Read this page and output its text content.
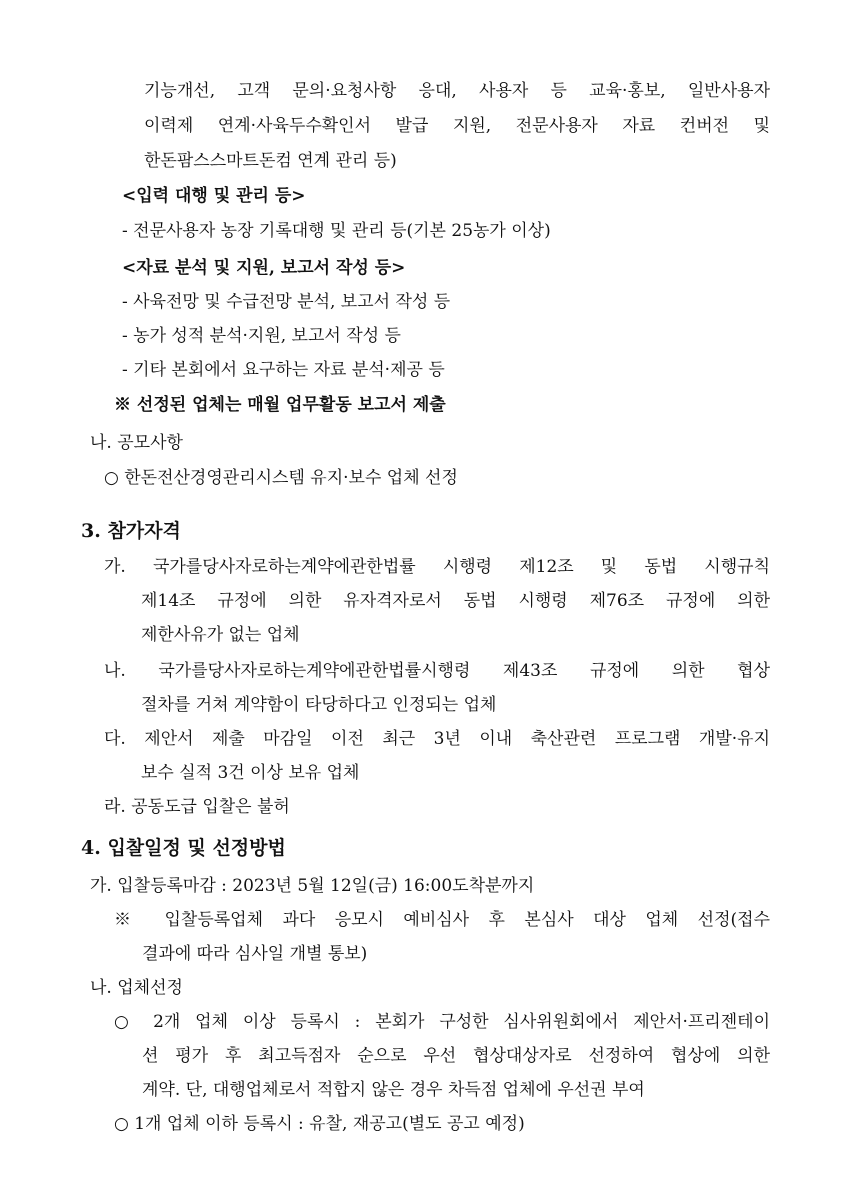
기능개선, 고객 문의·요청사항 응대, 사용자 등 교육·홍보, 일반사용자
이력제 연계·사육두수확인서 발급 지원, 전문사용자 자료 컨버전 및
한돈팜스스마트돈컴 연계 관리 등)
<입력 대행 및 관리 등>
- 전문사용자 농장 기록대행 및 관리 등(기본 25농가 이상)
<자료 분석 및 지원, 보고서 작성 등>
- 사육전망 및 수급전망 분석, 보고서 작성 등
- 농가 성적 분석·지원, 보고서 작성 등
- 기타 본회에서 요구하는 자료 분석·제공 등
※ 선정된 업체는 매월 업무활동 보고서 제출
나. 공모사항
○ 한돈전산경영관리시스템 유지·보수 업체 선정
3. 참가자격
가. 국가를당사자로하는계약에관한법률 시행령 제12조 및 동법 시행규칙
제14조 규정에 의한 유자격자로서 동법 시행령 제76조 규정에 의한
제한사유가 없는 업체
나. 국가를당사자로하는계약에관한법률시행령 제43조 규정에 의한 협상
절차를 거쳐 계약함이 타당하다고 인정되는 업체
다. 제안서 제출 마감일 이전 최근 3년 이내 축산관련 프로그램 개발·유지
보수 실적 3건 이상 보유 업체
라. 공동도급 입찰은 불허
4. 입찰일정 및 선정방법
가. 입찰등록마감 : 2023년 5월 12일(금) 16:00도착분까지
※ 입찰등록업체 과다 응모시 예비심사 후 본심사 대상 업체 선정(접수
결과에 따라 심사일 개별 통보)
나. 업체선정
○ 2개 업체 이상 등록시 : 본회가 구성한 심사위원회에서 제안서·프리젠테이
션 평가 후 최고득점자 순으로 우선 협상대상자로 선정하여 협상에 의한
계약. 단, 대행업체로서 적합지 않은 경우 차득점 업체에 우선권 부여
○ 1개 업체 이하 등록시 : 유찰, 재공고(별도 공고 예정)
